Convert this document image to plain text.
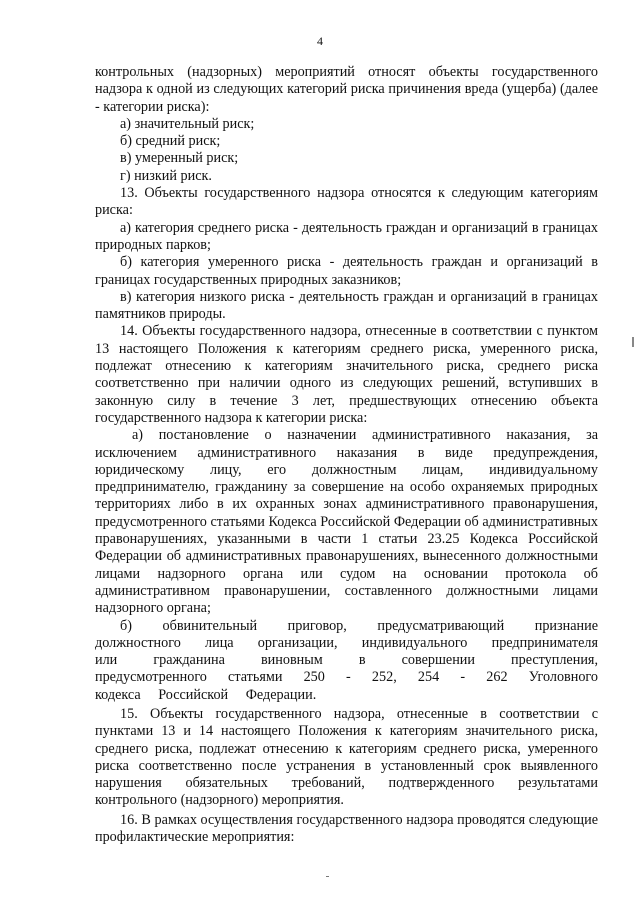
4

контрольных (надзорных) мероприятий относят объекты государственного надзора к одной из следующих категорий риска причинения вреда (ущерба) (далее - категории риска):

а) значительный риск;

б) средний риск;

в) умеренный риск;

г) низкий риск.

13. Объекты государственного надзора относятся к следующим категориям риска:

а) категория среднего риска - деятельность граждан и организаций в границах природных парков;

б) категория умеренного риска - деятельность граждан и организаций в границах государственных природных заказников;

в) категория низкого риска - деятельность граждан и организаций в границах памятников природы.

14. Объекты государственного надзора, отнесенные в соответствии с пунктом 13 настоящего Положения к категориям среднего риска, умеренного риска, подлежат отнесению к категориям значительного риска, среднего риска соответственно при наличии одного из следующих решений, вступивших в законную силу в течение 3 лет, предшествующих отнесению объекта государственного надзора к категории риска:

а) постановление о назначении административного наказания, за исключением административного наказания в виде предупреждения, юридическому лицу, его должностным лицам, индивидуальному предпринимателю, гражданину за совершение на особо охраняемых природных территориях либо в их охранных зонах административного правонарушения, предусмотренного статьями Кодекса Российской Федерации об административных правонарушениях, указанными в части 1 статьи 23.25 Кодекса Российской Федерации об административных правонарушениях, вынесенного должностными лицами надзорного органа или судом на основании протокола об административном правонарушении, составленного должностными лицами надзорного органа;

б) обвинительный приговор, предусматривающий признание должностного лица организации, индивидуального предпринимателя или гражданина виновным в совершении преступления, предусмотренного статьями 250 - 252, 254 - 262 Уголовного кодекса Российской Федерации.

15. Объекты государственного надзора, отнесенные в соответствии с пунктами 13 и 14 настоящего Положения к категориям значительного риска, среднего риска, подлежат отнесению к категориям среднего риска, умеренного риска соответственно после устранения в установленный срок выявленного нарушения обязательных требований, подтвержденного результатами контрольного (надзорного) мероприятия.

16. В рамках осуществления государственного надзора проводятся следующие профилактические мероприятия:
